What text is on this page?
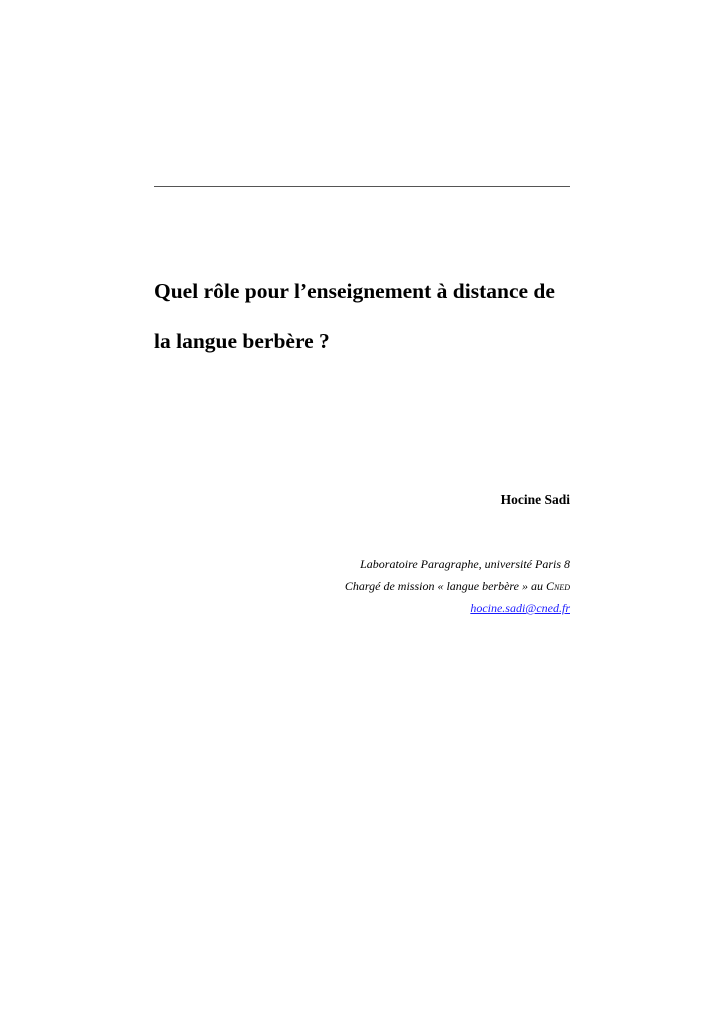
Quel rôle pour l’enseignement à distance de
la langue berbère ?
Hocine Sadi
Laboratoire Paragraphe, université Paris 8
Chargé de mission « langue berbère » au Cned
hocine.sadi@cned.fr
